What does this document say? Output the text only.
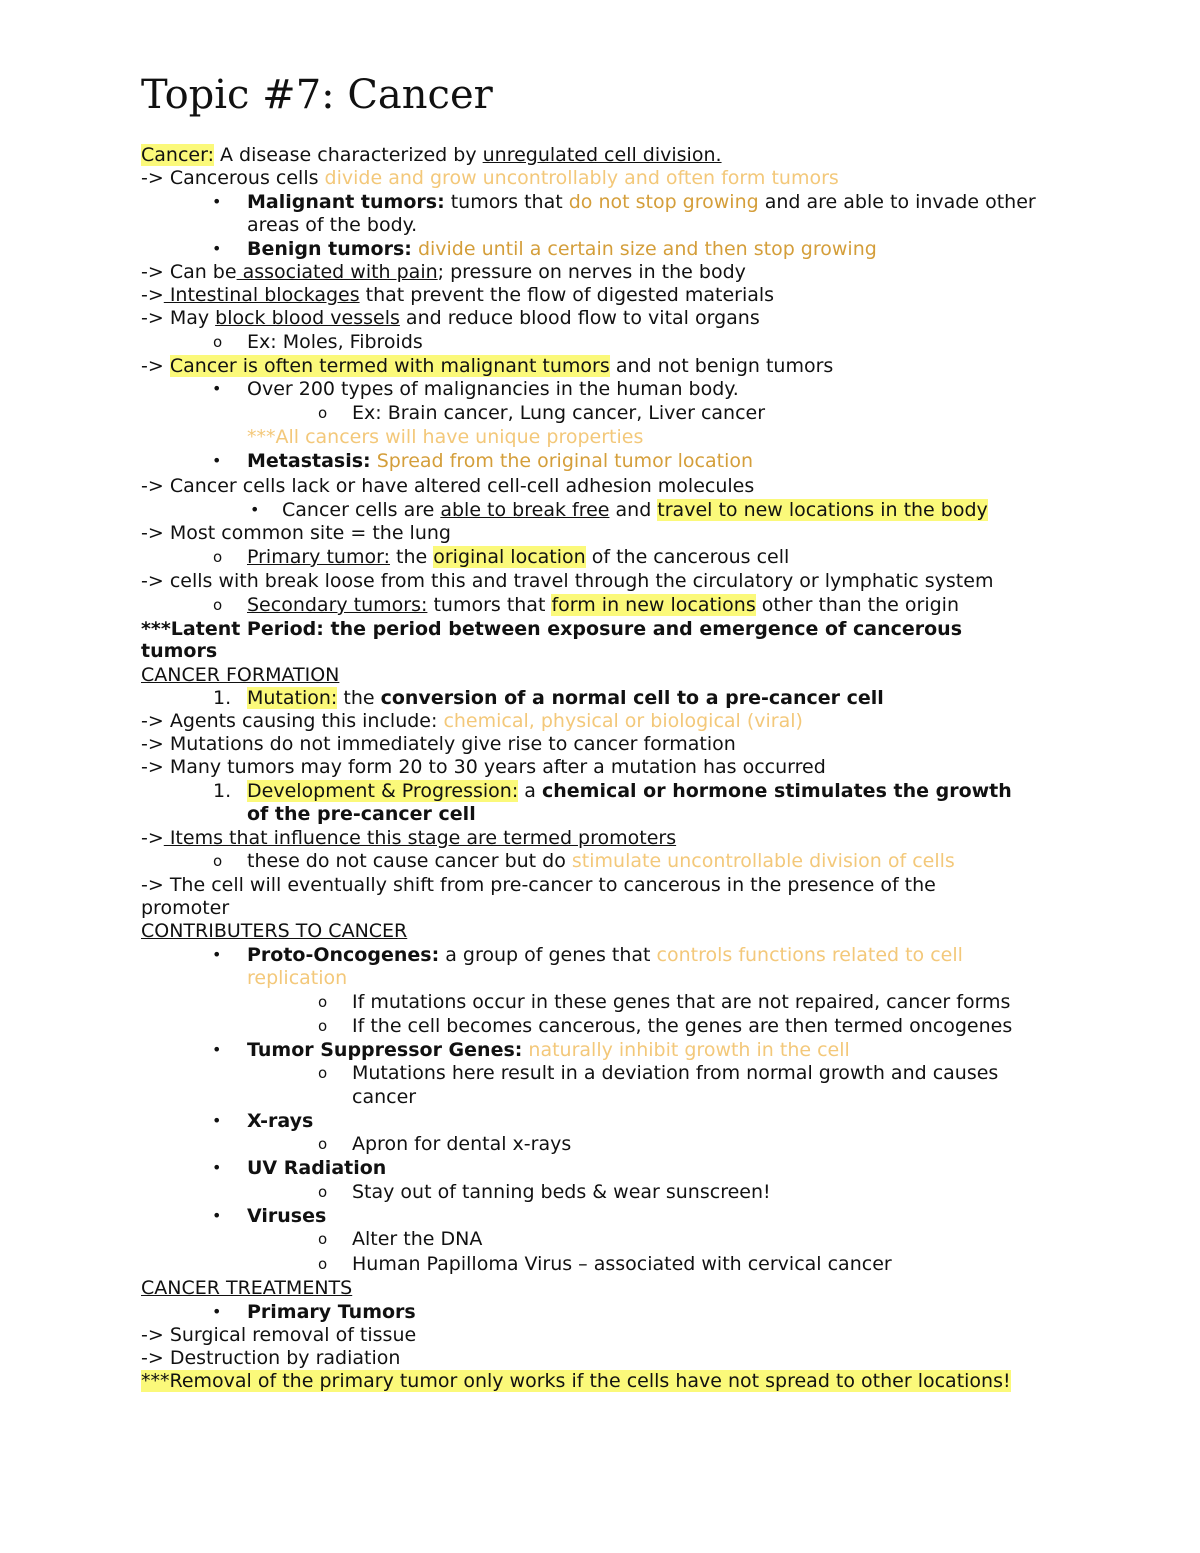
Topic #7: Cancer
Cancer: A disease characterized by unregulated cell division.
-> Cancerous cells divide and grow uncontrollably and often form tumors
• Malignant tumors: tumors that do not stop growing and are able to invade other
areas of the body.
• Benign tumors: divide until a certain size and then stop growing
-> Can be associated with pain; pressure on nerves in the body
-> Intestinal blockages that prevent the flow of digested materials
-> May block blood vessels and reduce blood flow to vital organs
o Ex: Moles, Fibroids
-> Cancer is often termed with malignant tumors and not benign tumors
• Over 200 types of malignancies in the human body.
o Ex: Brain cancer, Lung cancer, Liver cancer
***All cancers will have unique properties
• Metastasis: Spread from the original tumor location
-> Cancer cells lack or have altered cell-cell adhesion molecules
• Cancer cells are able to break free and travel to new locations in the body
-> Most common site = the lung
o Primary tumor: the original location of the cancerous cell
-> cells with break loose from this and travel through the circulatory or lymphatic system
o Secondary tumors: tumors that form in new locations other than the origin
***Latent Period: the period between exposure and emergence of cancerous
tumors
CANCER FORMATION
1. Mutation: the conversion of a normal cell to a pre-cancer cell
-> Agents causing this include: chemical, physical or biological (viral)
-> Mutations do not immediately give rise to cancer formation
-> Many tumors may form 20 to 30 years after a mutation has occurred
1. Development & Progression: a chemical or hormone stimulates the growth
of the pre-cancer cell
-> Items that influence this stage are termed promoters
o these do not cause cancer but do stimulate uncontrollable division of cells
-> The cell will eventually shift from pre-cancer to cancerous in the presence of the
promoter
CONTRIBUTERS TO CANCER
• Proto-Oncogenes: a group of genes that controls functions related to cell
replication
o If mutations occur in these genes that are not repaired, cancer forms
o If the cell becomes cancerous, the genes are then termed oncogenes
• Tumor Suppressor Genes: naturally inhibit growth in the cell
o Mutations here result in a deviation from normal growth and causes
cancer
• X-rays
o Apron for dental x-rays
• UV Radiation
o Stay out of tanning beds & wear sunscreen!
• Viruses
o Alter the DNA
o Human Papilloma Virus – associated with cervical cancer
CANCER TREATMENTS
• Primary Tumors
-> Surgical removal of tissue
-> Destruction by radiation
***Removal of the primary tumor only works if the cells have not spread to other locations!
